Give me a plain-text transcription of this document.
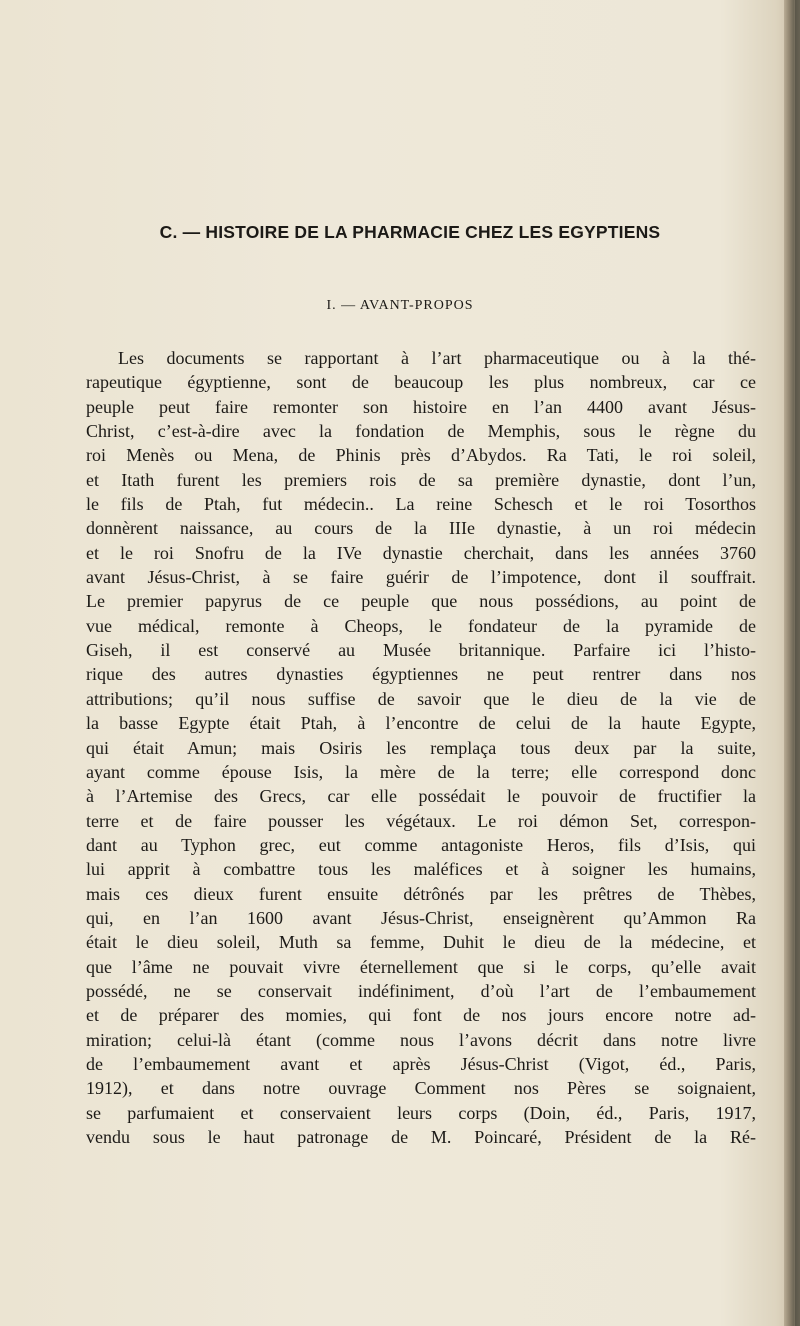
C. — HISTOIRE DE LA PHARMACIE CHEZ LES EGYPTIENS
I. — AVANT-PROPOS
Les documents se rapportant à l’art pharmaceutique ou à la thé-
rapeutique égyptienne, sont de beaucoup les plus nombreux, car ce
peuple peut faire remonter son histoire en l’an 4400 avant Jésus-
Christ, c’est-à-dire avec la fondation de Memphis, sous le règne du
roi Menès ou Mena, de Phinis près d’Abydos. Ra Tati, le roi soleil,
et Itath furent les premiers rois de sa première dynastie, dont l’un,
le fils de Ptah, fut médecin.. La reine Schesch et le roi Tosorthos
donnèrent naissance, au cours de la IIIe dynastie, à un roi médecin
et le roi Snofru de la IVe dynastie cherchait, dans les années 3760
avant Jésus-Christ, à se faire guérir de l’impotence, dont il souffrait.
Le premier papyrus de ce peuple que nous possédions, au point de
vue médical, remonte à Cheops, le fondateur de la pyramide de
Giseh, il est conservé au Musée britannique. Parfaire ici l’histo-
rique des autres dynasties égyptiennes ne peut rentrer dans nos
attributions; qu’il nous suffise de savoir que le dieu de la vie de
la basse Egypte était Ptah, à l’encontre de celui de la haute Egypte,
qui était Amun; mais Osiris les remplaça tous deux par la suite,
ayant comme épouse Isis, la mère de la terre; elle correspond donc
à l’Artemise des Grecs, car elle possédait le pouvoir de fructifier la
terre et de faire pousser les végétaux. Le roi démon Set, correspon-
dant au Typhon grec, eut comme antagoniste Heros, fils d’Isis, qui
lui apprit à combattre tous les maléfices et à soigner les humains,
mais ces dieux furent ensuite détrônés par les prêtres de Thèbes,
qui, en l’an 1600 avant Jésus-Christ, enseignèrent qu’Ammon Ra
était le dieu soleil, Muth sa femme, Duhit le dieu de la médecine, et
que l’âme ne pouvait vivre éternellement que si le corps, qu’elle avait
possédé, ne se conservait indéfiniment, d’où l’art de l’embaumement
et de préparer des momies, qui font de nos jours encore notre ad-
miration; celui-là étant (comme nous l’avons décrit dans notre livre
de l’embaumement avant et après Jésus-Christ (Vigot, éd., Paris,
1912), et dans notre ouvrage Comment nos Pères se soignaient,
se parfumaient et conservaient leurs corps (Doin, éd., Paris, 1917,
vendu sous le haut patronage de M. Poincaré, Président de la Ré-
